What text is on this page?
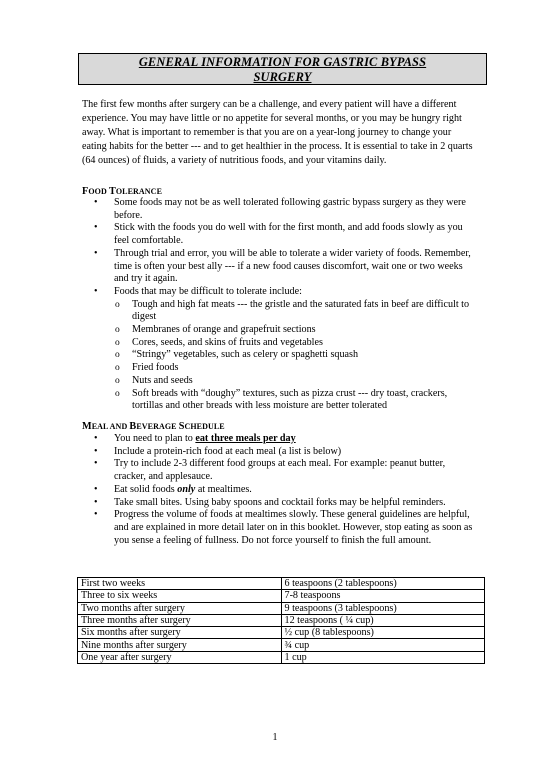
GENERAL INFORMATION FOR GASTRIC BYPASS
SURGERY

The first few months after surgery can be a challenge, and every patient will have a different experience. You may have little or no appetite for several months, or you may be hungry right away. What is important to remember is that you are on a year-long journey to change your eating habits for the better --- and to get healthier in the process. It is essential to take in 2 quarts (64 ounces) of fluids, a variety of nutritious foods, and your vitamins daily.

FOOD TOLERANCE

• Some foods may not be as well tolerated following gastric bypass surgery as they were before.
• Stick with the foods you do well with for the first month, and add foods slowly as you feel comfortable.
• Through trial and error, you will be able to tolerate a wider variety of foods. Remember, time is often your best ally --- if a new food causes discomfort, wait one or two weeks and try it again.
• Foods that may be difficult to tolerate include:
o Tough and high fat meats --- the gristle and the saturated fats in beef are difficult to digest
o Membranes of orange and grapefruit sections
o Cores, seeds, and skins of fruits and vegetables
o “Stringy” vegetables, such as celery or spaghetti squash
o Fried foods
o Nuts and seeds
o Soft breads with “doughy” textures, such as pizza crust --- dry toast, crackers, tortillas and other breads with less moisture are better tolerated

MEAL AND BEVERAGE SCHEDULE

• You need to plan to eat three meals per day
• Include a protein-rich food at each meal (a list is below)
• Try to include 2-3 different food groups at each meal. For example: peanut butter, cracker, and applesauce.
• Eat solid foods only at mealtimes.
• Take small bites. Using baby spoons and cocktail forks may be helpful reminders.
• Progress the volume of foods at mealtimes slowly. These general guidelines are helpful, and are explained in more detail later on in this booklet. However, stop eating as soon as you sense a feeling of fullness. Do not force yourself to finish the full amount.
First two weeks	6 teaspoons (2 tablespoons)
Three to six weeks	7-8 teaspoons
Two months after surgery	9 teaspoons (3 tablespoons)
Three months after surgery	12 teaspoons ( ¼ cup)
Six months after surgery	½ cup (8 tablespoons)
Nine months after surgery	¾ cup
One year after surgery	1 cup
1
